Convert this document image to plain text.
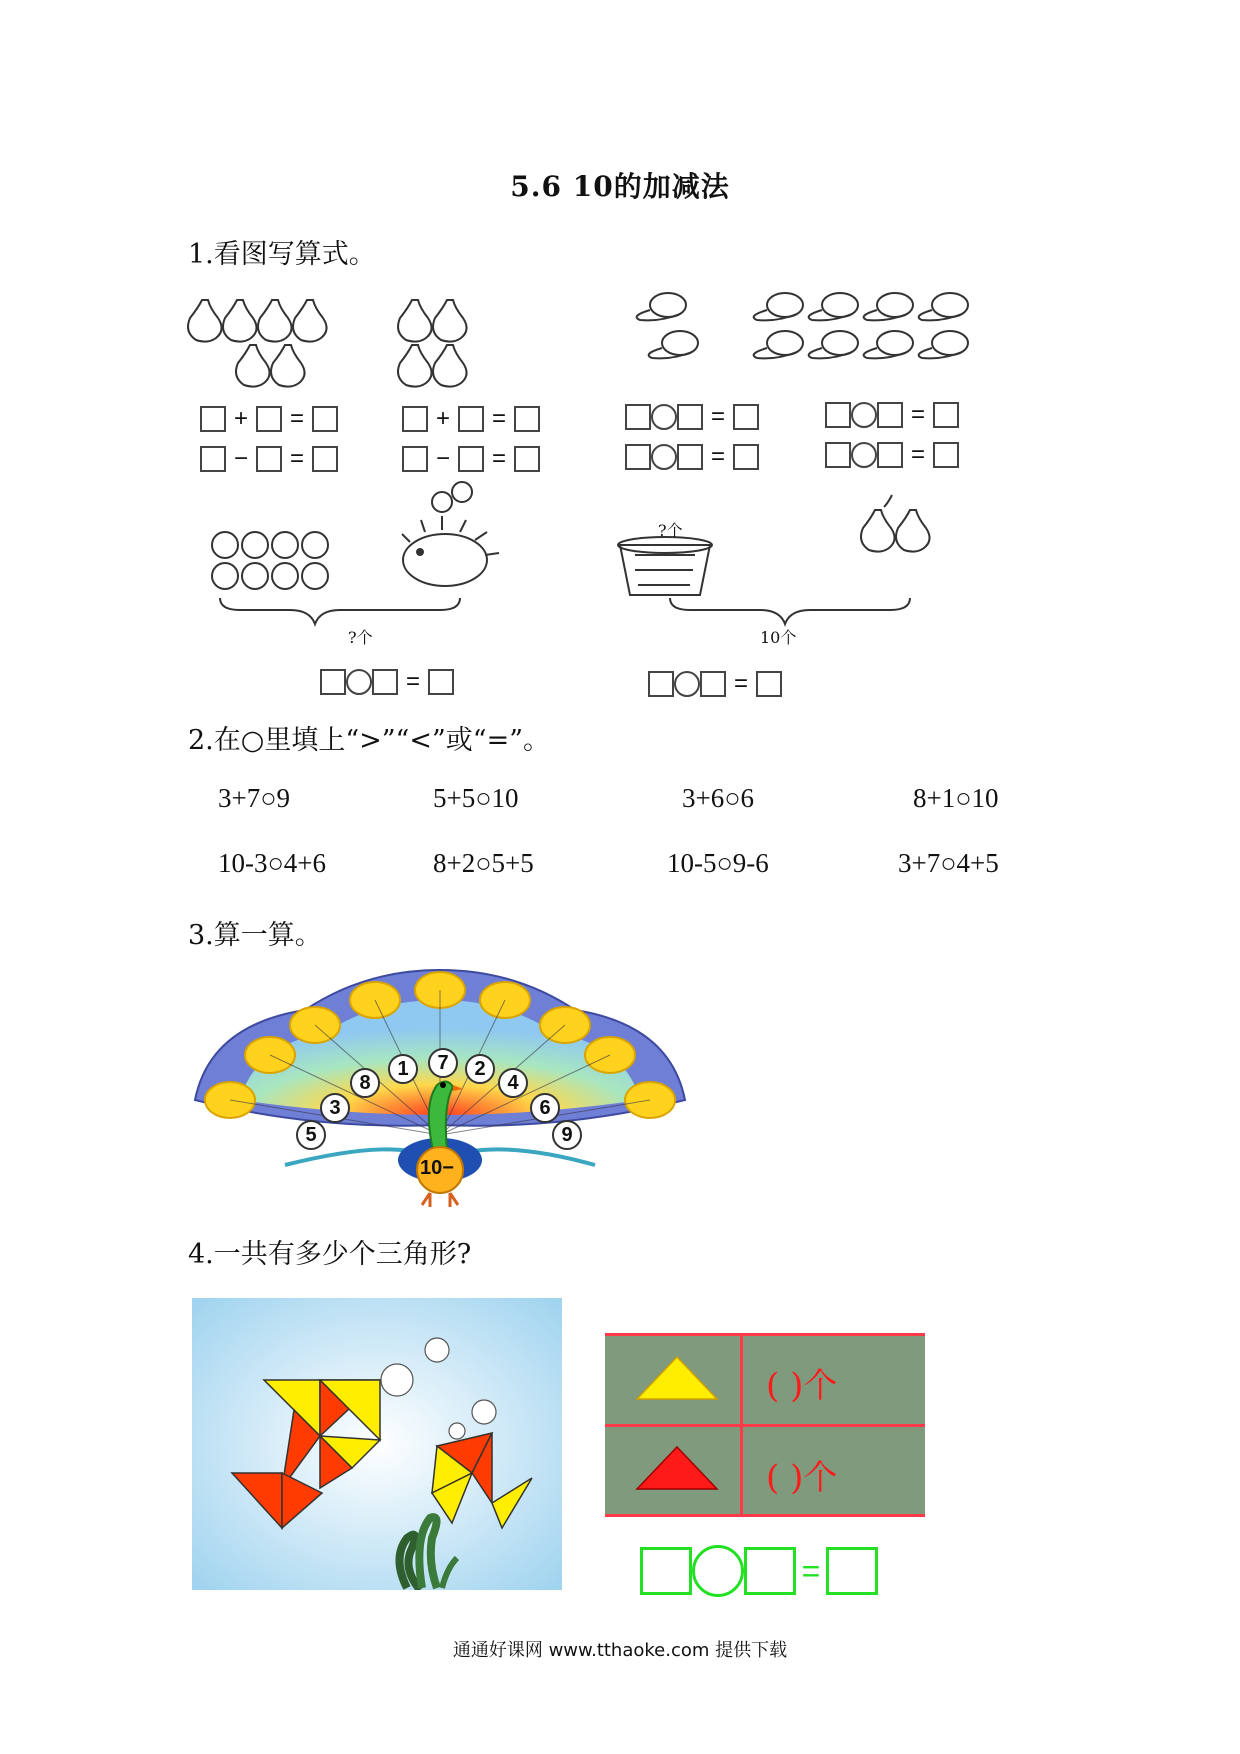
5.6 10的加减法
1.看图写算式。
?个
?个
10个
+ =
− =
+ =
− =
=
=
=
=
=	=
2.在○里填上“>”“<”或“=”。
3+7○9	5+5○10	3+6○6	8+1○10
10-3○4+6	8+2○5+5	10-5○9-6	3+7○4+5
3.算一算。
10−
7
1	2
8	4
3	6
5	9
4.一共有多少个三角形?
( )个
( )个
=
通通好课网 www.tthaoke.com 提供下载
